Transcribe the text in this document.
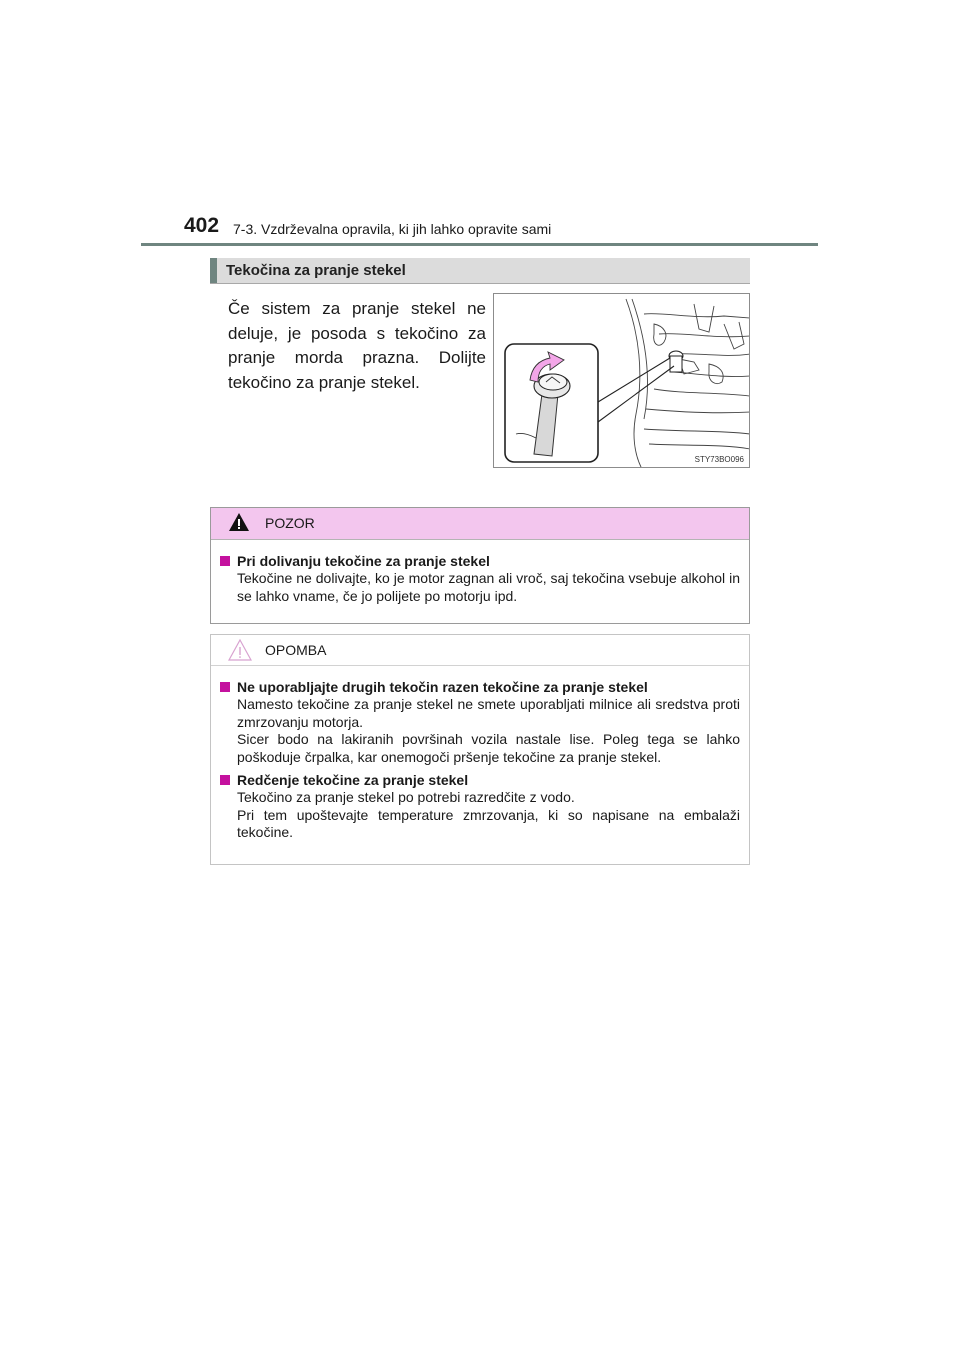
402 7-3. Vzdrževalna opravila, ki jih lahko opravite sami
Tekočina za pranje stekel
Če sistem za pranje stekel ne deluje, je posoda s tekočino za pranje morda prazna. Dolijte tekočino za pranje stekel.
STY73BO096
POZOR
Pri dolivanju tekočine za pranje stekel

Tekočine ne dolivajte, ko je motor zagnan ali vroč, saj tekočina vsebuje alkohol in se lahko vname, če jo polijete po motorju ipd.

OPOMBA
Ne uporabljajte drugih tekočin razen tekočine za pranje stekel

Namesto tekočine za pranje stekel ne smete uporabljati milnice ali sredstva proti zmrzovanju motorja.

Sicer bodo na lakiranih površinah vozila nastale lise. Poleg tega se lahko poškoduje črpalka, kar onemogoči pršenje tekočine za pranje stekel.

Redčenje tekočine za pranje stekel

Tekočino za pranje stekel po potrebi razredčite z vodo.

Pri tem upoštevajte temperature zmrzovanja, ki so napisane na embalaži tekočine.
